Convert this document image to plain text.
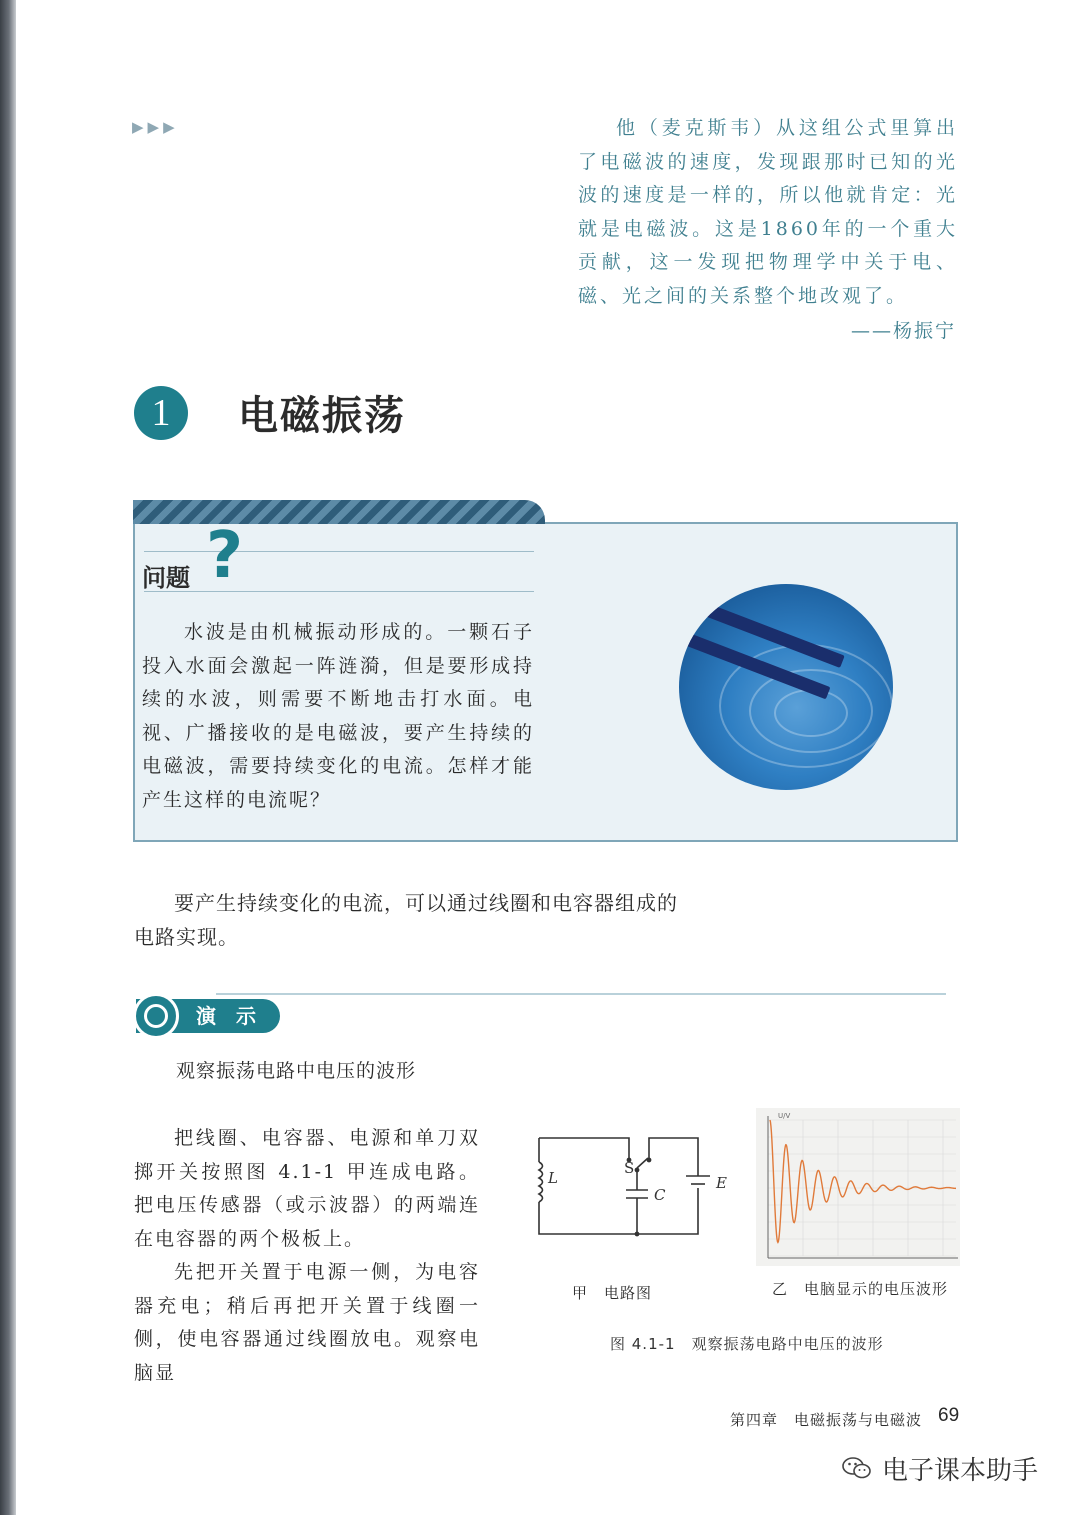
▶▶▶	他（麦克斯韦）从这组公式里算出了电磁波的速度，发现跟那时已知的光波的速度是一样的，所以他就肯定：光就是电磁波。这是1860年的一个重大贡献，这一发现把物理学中关于电、磁、光之间的关系整个地改观了。
——杨振宁
1	电磁振荡
问题 ?
水波是由机械振动形成的。一颗石子投入水面会激起一阵涟漪，但是要形成持续的水波，则需要不断地击打水面。电视、广播接收的是电磁波，要产生持续的电磁波，需要持续变化的电流。怎样才能产生这样的电流呢？
要产生持续变化的电流，可以通过线圈和电容器组成的电路实现。
演示
观察振荡电路中电压的波形

把线圈、电容器、电源和单刀双掷开关按照图 4.1-1 甲连成电路。把电压传感器（或示波器）的两端连在电容器的两个极板上。

先把开关置于电源一侧，为电容器充电；稍后再把开关置于线圈一侧，使电容器通过线圈放电。观察电脑显

L
S
C
E
甲　电路图
U/V
乙　电脑显示的电压波形
图 4.1-1　观察振荡电路中电压的波形
第四章　电磁振荡与电磁波 69
电子课本助手
